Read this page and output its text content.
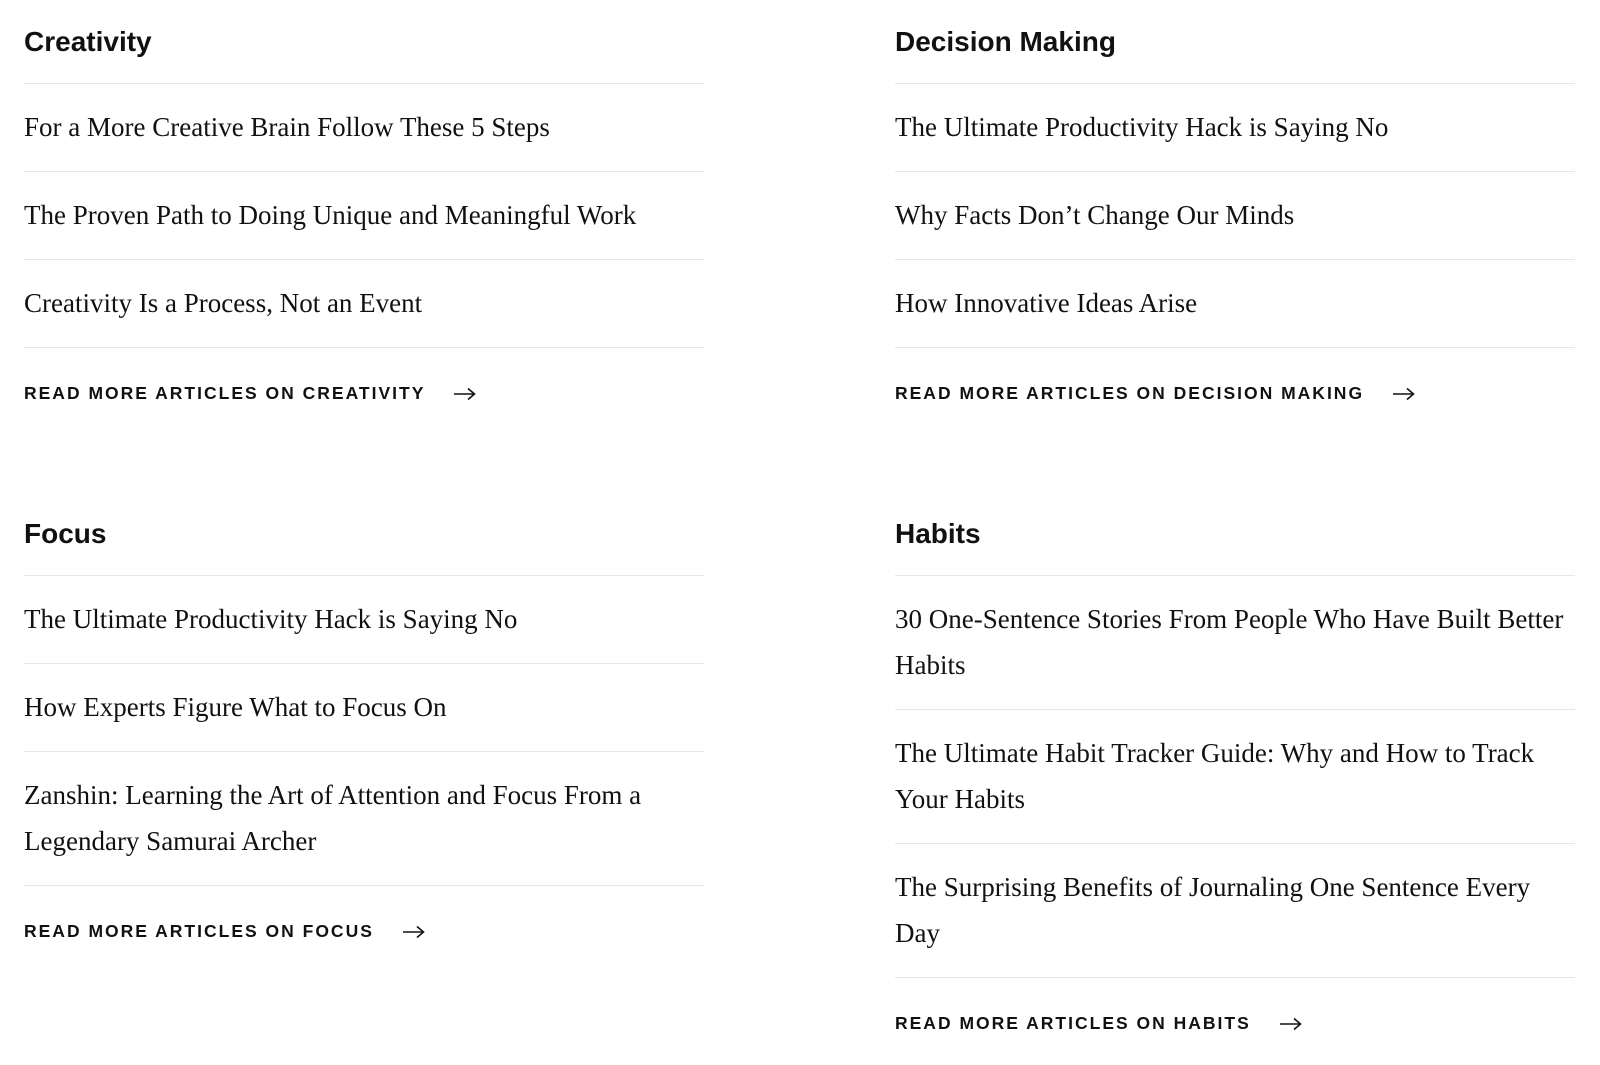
Creativity
For a More Creative Brain Follow These 5 Steps
The Proven Path to Doing Unique and Meaningful Work
Creativity Is a Process, Not an Event
READ MORE ARTICLES ON CREATIVITY
Decision Making
The Ultimate Productivity Hack is Saying No
Why Facts Don’t Change Our Minds
How Innovative Ideas Arise
READ MORE ARTICLES ON DECISION MAKING
Focus
The Ultimate Productivity Hack is Saying No
How Experts Figure What to Focus On
Zanshin: Learning the Art of Attention and Focus From a Legendary Samurai Archer
READ MORE ARTICLES ON FOCUS
Habits
30 One-Sentence Stories From People Who Have Built Better Habits
The Ultimate Habit Tracker Guide: Why and How to Track Your Habits
The Surprising Benefits of Journaling One Sentence Every Day
READ MORE ARTICLES ON HABITS
